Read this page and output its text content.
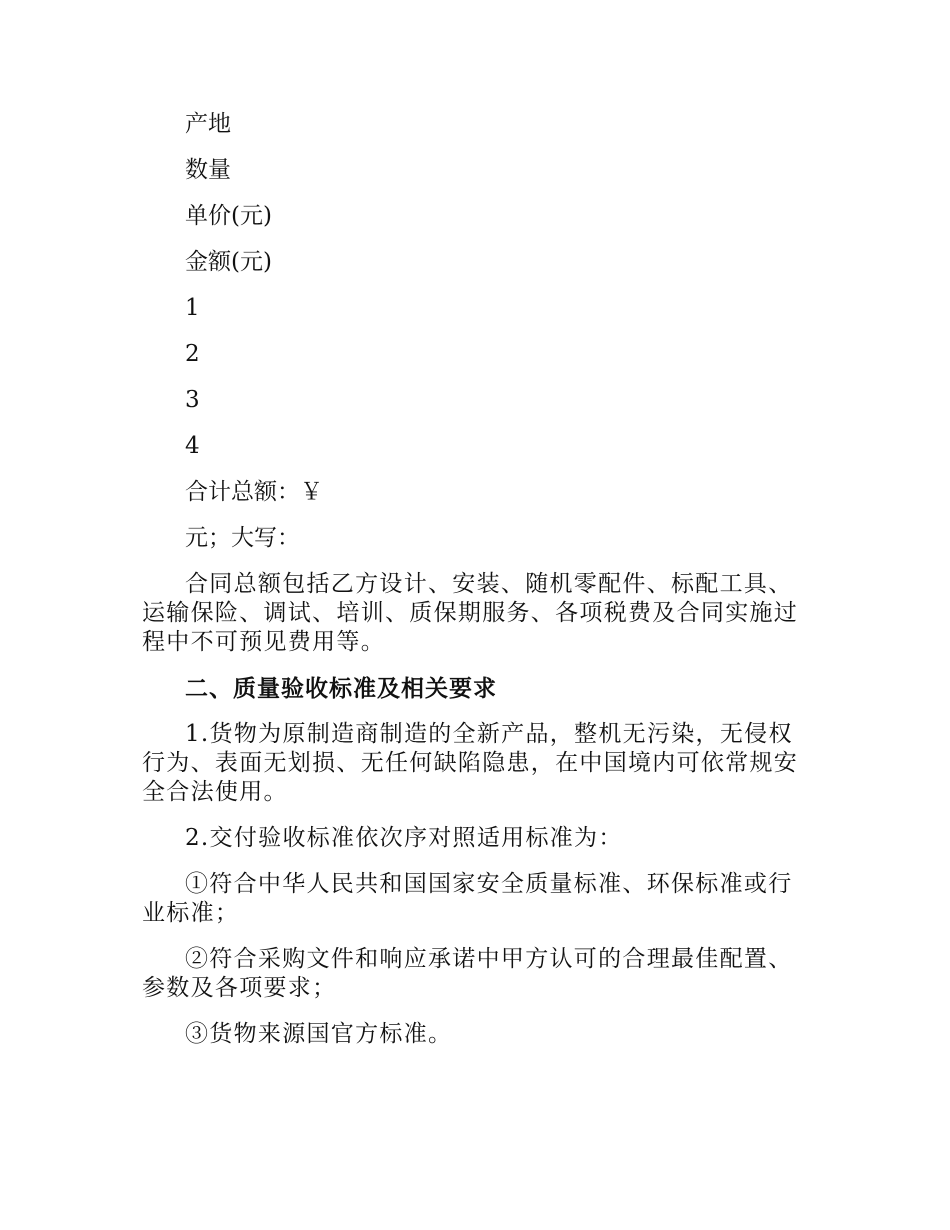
产地

数量

单价(元)

金额(元)

1

2

3

4

合计总额：￥

元；大写：

合同总额包括乙方设计、安装、随机零配件、标配工具、运输保险、调试、培训、质保期服务、各项税费及合同实施过程中不可预见费用等。

二、质量验收标准及相关要求

1.货物为原制造商制造的全新产品，整机无污染，无侵权行为、表面无划损、无任何缺陷隐患，在中国境内可依常规安全合法使用。

2.交付验收标准依次序对照适用标准为：

①符合中华人民共和国国家安全质量标准、环保标准或行业标准；

②符合采购文件和响应承诺中甲方认可的合理最佳配置、参数及各项要求；

③货物来源国官方标准。
